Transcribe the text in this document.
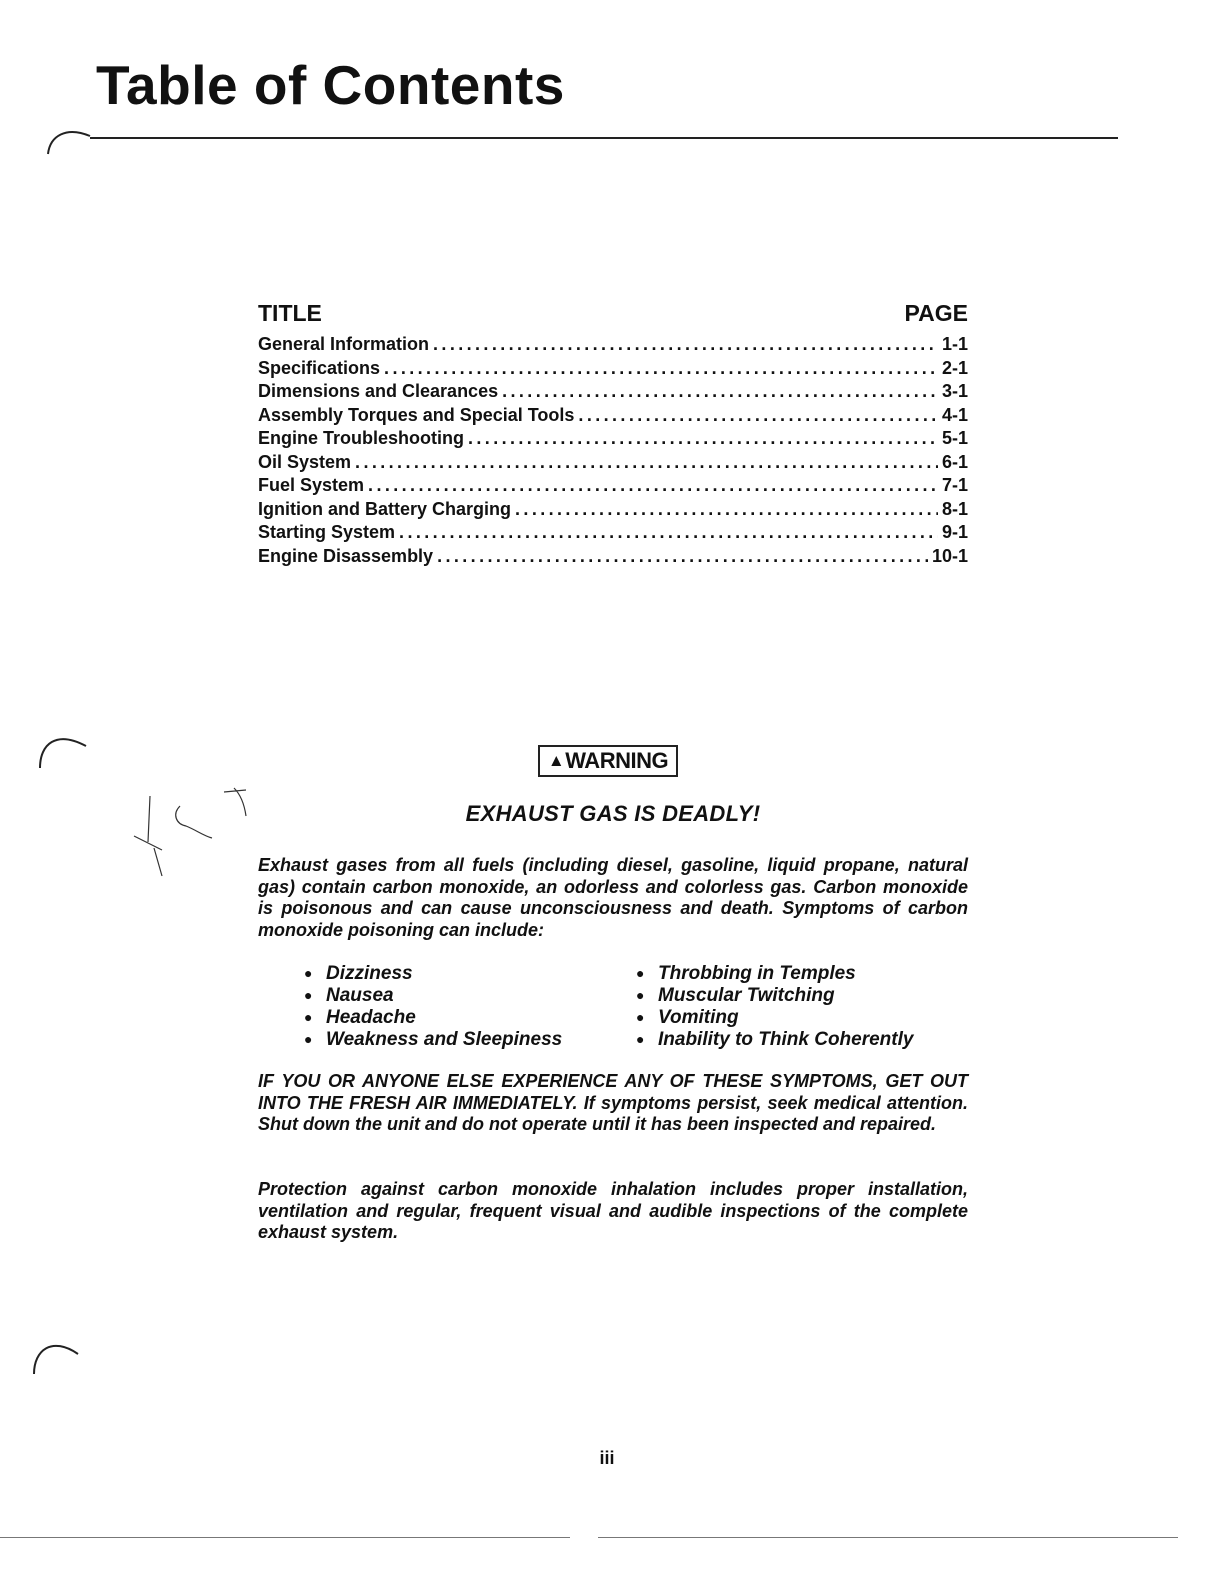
Table of Contents
TITLE	PAGE
General Information .....	1-1
Specifications .....	2-1
Dimensions and Clearances .....	3-1
Assembly Torques and Special Tools .....	4-1
Engine Troubleshooting .....	5-1
Oil System .....	6-1
Fuel System .....	7-1
Ignition and Battery Charging .....	8-1
Starting System .....	9-1
Engine Disassembly .....	10-1
▲ WARNING
EXHAUST GAS IS DEADLY!

Exhaust gases from all fuels (including diesel, gasoline, liquid propane, natural gas) contain carbon monoxide, an odorless and colorless gas. Carbon monoxide is poisonous and can cause unconsciousness and death. Symptoms of carbon monoxide poisoning can include:

● Dizziness
● Nausea
● Headache
● Weakness and Sleepiness
● Throbbing in Temples
● Muscular Twitching
● Vomiting
● Inability to Think Coherently

IF YOU OR ANYONE ELSE EXPERIENCE ANY OF THESE SYMPTOMS, GET OUT INTO THE FRESH AIR IMMEDIATELY. If symptoms persist, seek medical attention. Shut down the unit and do not operate until it has been inspected and repaired.

Protection against carbon monoxide inhalation includes proper installation, ventilation and regular, frequent visual and audible inspections of the complete exhaust system.

iii
